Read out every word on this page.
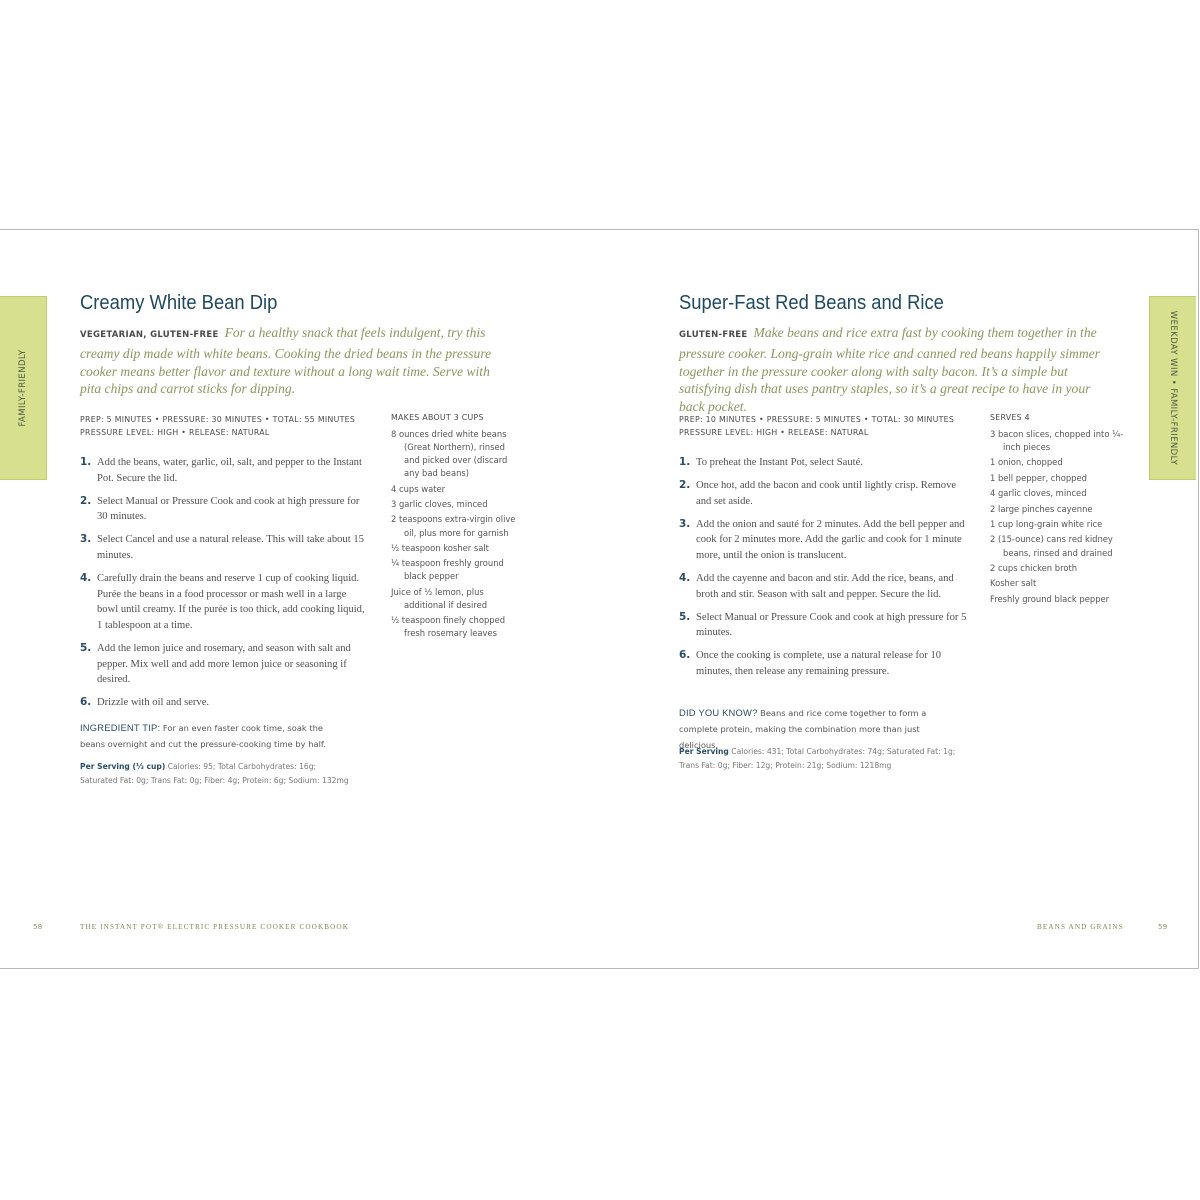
FAMILY-FRIENDLY
Creamy White Bean Dip
VEGETARIAN, GLUTEN-FREE For a healthy snack that feels indulgent, try this creamy dip made with white beans. Cooking the dried beans in the pressure cooker means better flavor and texture without a long wait time. Serve with pita chips and carrot sticks for dipping.
PREP: 5 MINUTES • PRESSURE: 30 MINUTES • TOTAL: 55 MINUTES
PRESSURE LEVEL: HIGH • RELEASE: NATURAL
MAKES ABOUT 3 CUPS
8 ounces dried white beans (Great Northern), rinsed and picked over (discard any bad beans)
4 cups water
3 garlic cloves, minced
2 teaspoons extra-virgin olive oil, plus more for garnish
½ teaspoon kosher salt
¼ teaspoon freshly ground black pepper
Juice of ½ lemon, plus additional if desired
½ teaspoon finely chopped fresh rosemary leaves
1. Add the beans, water, garlic, oil, salt, and pepper to the Instant Pot. Secure the lid.
2. Select Manual or Pressure Cook and cook at high pressure for 30 minutes.
3. Select Cancel and use a natural release. This will take about 15 minutes.
4. Carefully drain the beans and reserve 1 cup of cooking liquid. Purée the beans in a food processor or mash well in a large bowl until creamy. If the purée is too thick, add cooking liquid, 1 tablespoon at a time.
5. Add the lemon juice and rosemary, and season with salt and pepper. Mix well and add more lemon juice or seasoning if desired.
6. Drizzle with oil and serve.
INGREDIENT TIP: For an even faster cook time, soak the beans overnight and cut the pressure-cooking time by half.
Per Serving (⅓ cup) Calories: 95; Total Carbohydrates: 16g; Saturated Fat: 0g; Trans Fat: 0g; Fiber: 4g; Protein: 6g; Sodium: 132mg
58	THE INSTANT POT® ELECTRIC PRESSURE COOKER COOKBOOK
WEEKDAY WIN • FAMILY-FRIENDLY
Super-Fast Red Beans and Rice
GLUTEN-FREE Make beans and rice extra fast by cooking them together in the pressure cooker. Long-grain white rice and canned red beans happily simmer together in the pressure cooker along with salty bacon. It’s a simple but satisfying dish that uses pantry staples, so it’s a great recipe to have in your back pocket.
PREP: 10 MINUTES • PRESSURE: 5 MINUTES • TOTAL: 30 MINUTES
PRESSURE LEVEL: HIGH • RELEASE: NATURAL
SERVES 4
3 bacon slices, chopped into ¼-inch pieces
1 onion, chopped
1 bell pepper, chopped
4 garlic cloves, minced
2 large pinches cayenne
1 cup long-grain white rice
2 (15-ounce) cans red kidney beans, rinsed and drained
2 cups chicken broth
Kosher salt
Freshly ground black pepper
1. To preheat the Instant Pot, select Sauté.
2. Once hot, add the bacon and cook until lightly crisp. Remove and set aside.
3. Add the onion and sauté for 2 minutes. Add the bell pepper and cook for 2 minutes more. Add the garlic and cook for 1 minute more, until the onion is translucent.
4. Add the cayenne and bacon and stir. Add the rice, beans, and broth and stir. Season with salt and pepper. Secure the lid.
5. Select Manual or Pressure Cook and cook at high pressure for 5 minutes.
6. Once the cooking is complete, use a natural release for 10 minutes, then release any remaining pressure.
DID YOU KNOW? Beans and rice come together to form a complete protein, making the combination more than just delicious.
Per Serving Calories: 431; Total Carbohydrates: 74g; Saturated Fat: 1g; Trans Fat: 0g; Fiber: 12g; Protein: 21g; Sodium: 1218mg
BEANS AND GRAINS	59
